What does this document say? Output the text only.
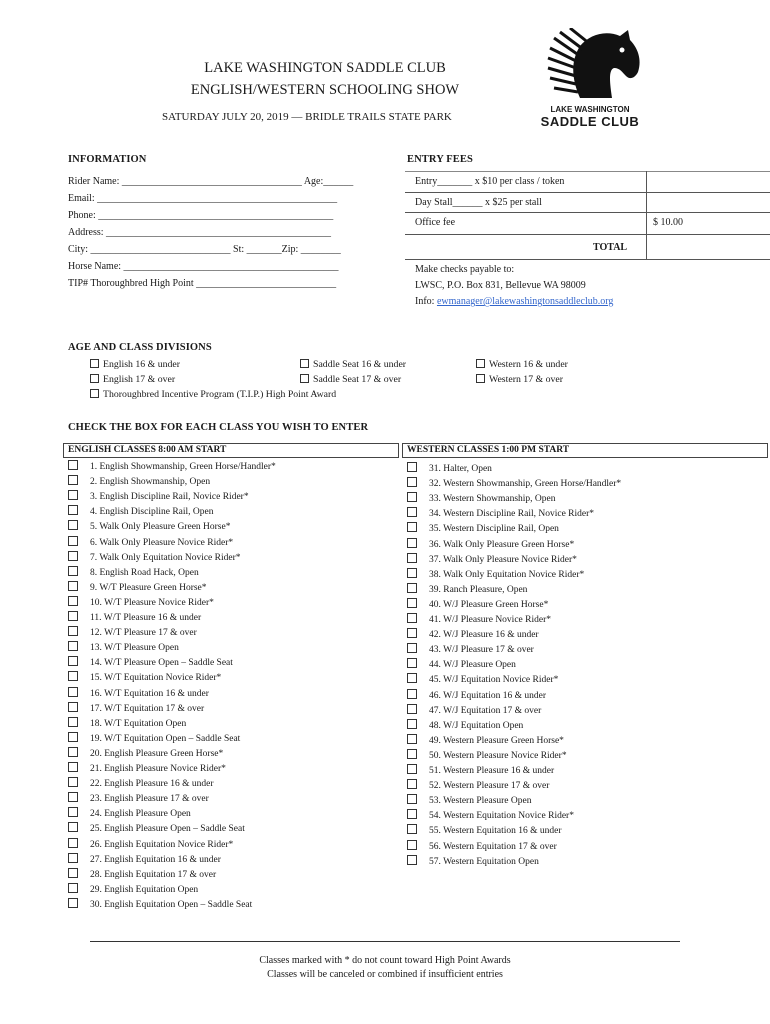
LAKE WASHINGTON SADDLE CLUB
ENGLISH/WESTERN SCHOOLING SHOW
SATURDAY JULY 20, 2019 — BRIDLE TRAILS STATE PARK
LAKE WASHINGTON
SADDLE CLUB
INFORMATION
Rider Name: ____________________________________ Age:______
Email: ________________________________________________
Phone: _______________________________________________
Address: _____________________________________________
City: ____________________________ St: _______Zip: ________
Horse Name: ___________________________________________
TIP# Thoroughbred High Point ____________________________
ENTRY FEES
Entry_______ x $10 per class / token
Day Stall______ x $25 per stall
Office fee	$ 10.00
TOTAL
Make checks payable to:
LWSC, P.O. Box 831, Bellevue WA 98009
Info: ewmanager@lakewashingtonsaddleclub.org
AGE AND CLASS DIVISIONS
English 16 & under
English 17 & over
Saddle Seat 16 & under
Saddle Seat 17 & over
Western 16 & under
Western 17 & over
Thoroughbred Incentive Program (T.I.P.) High Point Award
CHECK THE BOX FOR EACH CLASS YOU WISH TO ENTER
ENGLISH CLASSES 8:00 AM START	WESTERN CLASSES 1:00 PM START
1. English Showmanship, Green Horse/Handler*
2. English Showmanship, Open
3. English Discipline Rail, Novice Rider*
4. English Discipline Rail, Open
5. Walk Only Pleasure Green Horse*
6. Walk Only Pleasure Novice Rider*
7. Walk Only Equitation Novice Rider*
8. English Road Hack, Open
9. W/T Pleasure Green Horse*
10. W/T Pleasure Novice Rider*
11. W/T Pleasure 16 & under
12. W/T Pleasure 17 & over
13. W/T Pleasure Open
14. W/T Pleasure Open – Saddle Seat
15. W/T Equitation Novice Rider*
16. W/T Equitation 16 & under
17. W/T Equitation 17 & over
18. W/T Equitation Open
19. W/T Equitation Open – Saddle Seat
20. English Pleasure Green Horse*
21. English Pleasure Novice Rider*
22. English Pleasure 16 & under
23. English Pleasure 17 & over
24. English Pleasure Open
25. English Pleasure Open – Saddle Seat
26. English Equitation Novice Rider*
27. English Equitation 16 & under
28. English Equitation 17 & over
29. English Equitation Open
30. English Equitation Open – Saddle Seat
31. Halter, Open
32. Western Showmanship, Green Horse/Handler*
33. Western Showmanship, Open
34. Western Discipline Rail, Novice Rider*
35. Western Discipline Rail, Open
36. Walk Only Pleasure Green Horse*
37. Walk Only Pleasure Novice Rider*
38. Walk Only Equitation Novice Rider*
39. Ranch Pleasure, Open
40. W/J Pleasure Green Horse*
41. W/J Pleasure Novice Rider*
42. W/J Pleasure 16 & under
43. W/J Pleasure 17 & over
44. W/J Pleasure Open
45. W/J Equitation Novice Rider*
46. W/J Equitation 16 & under
47. W/J Equitation 17 & over
48. W/J Equitation Open
49. Western Pleasure Green Horse*
50. Western Pleasure Novice Rider*
51. Western Pleasure 16 & under
52. Western Pleasure 17 & over
53. Western Pleasure Open
54. Western Equitation Novice Rider*
55. Western Equitation 16 & under
56. Western Equitation 17 & over
57. Western Equitation Open
Classes marked with * do not count toward High Point Awards
Classes will be canceled or combined if insufficient entries
